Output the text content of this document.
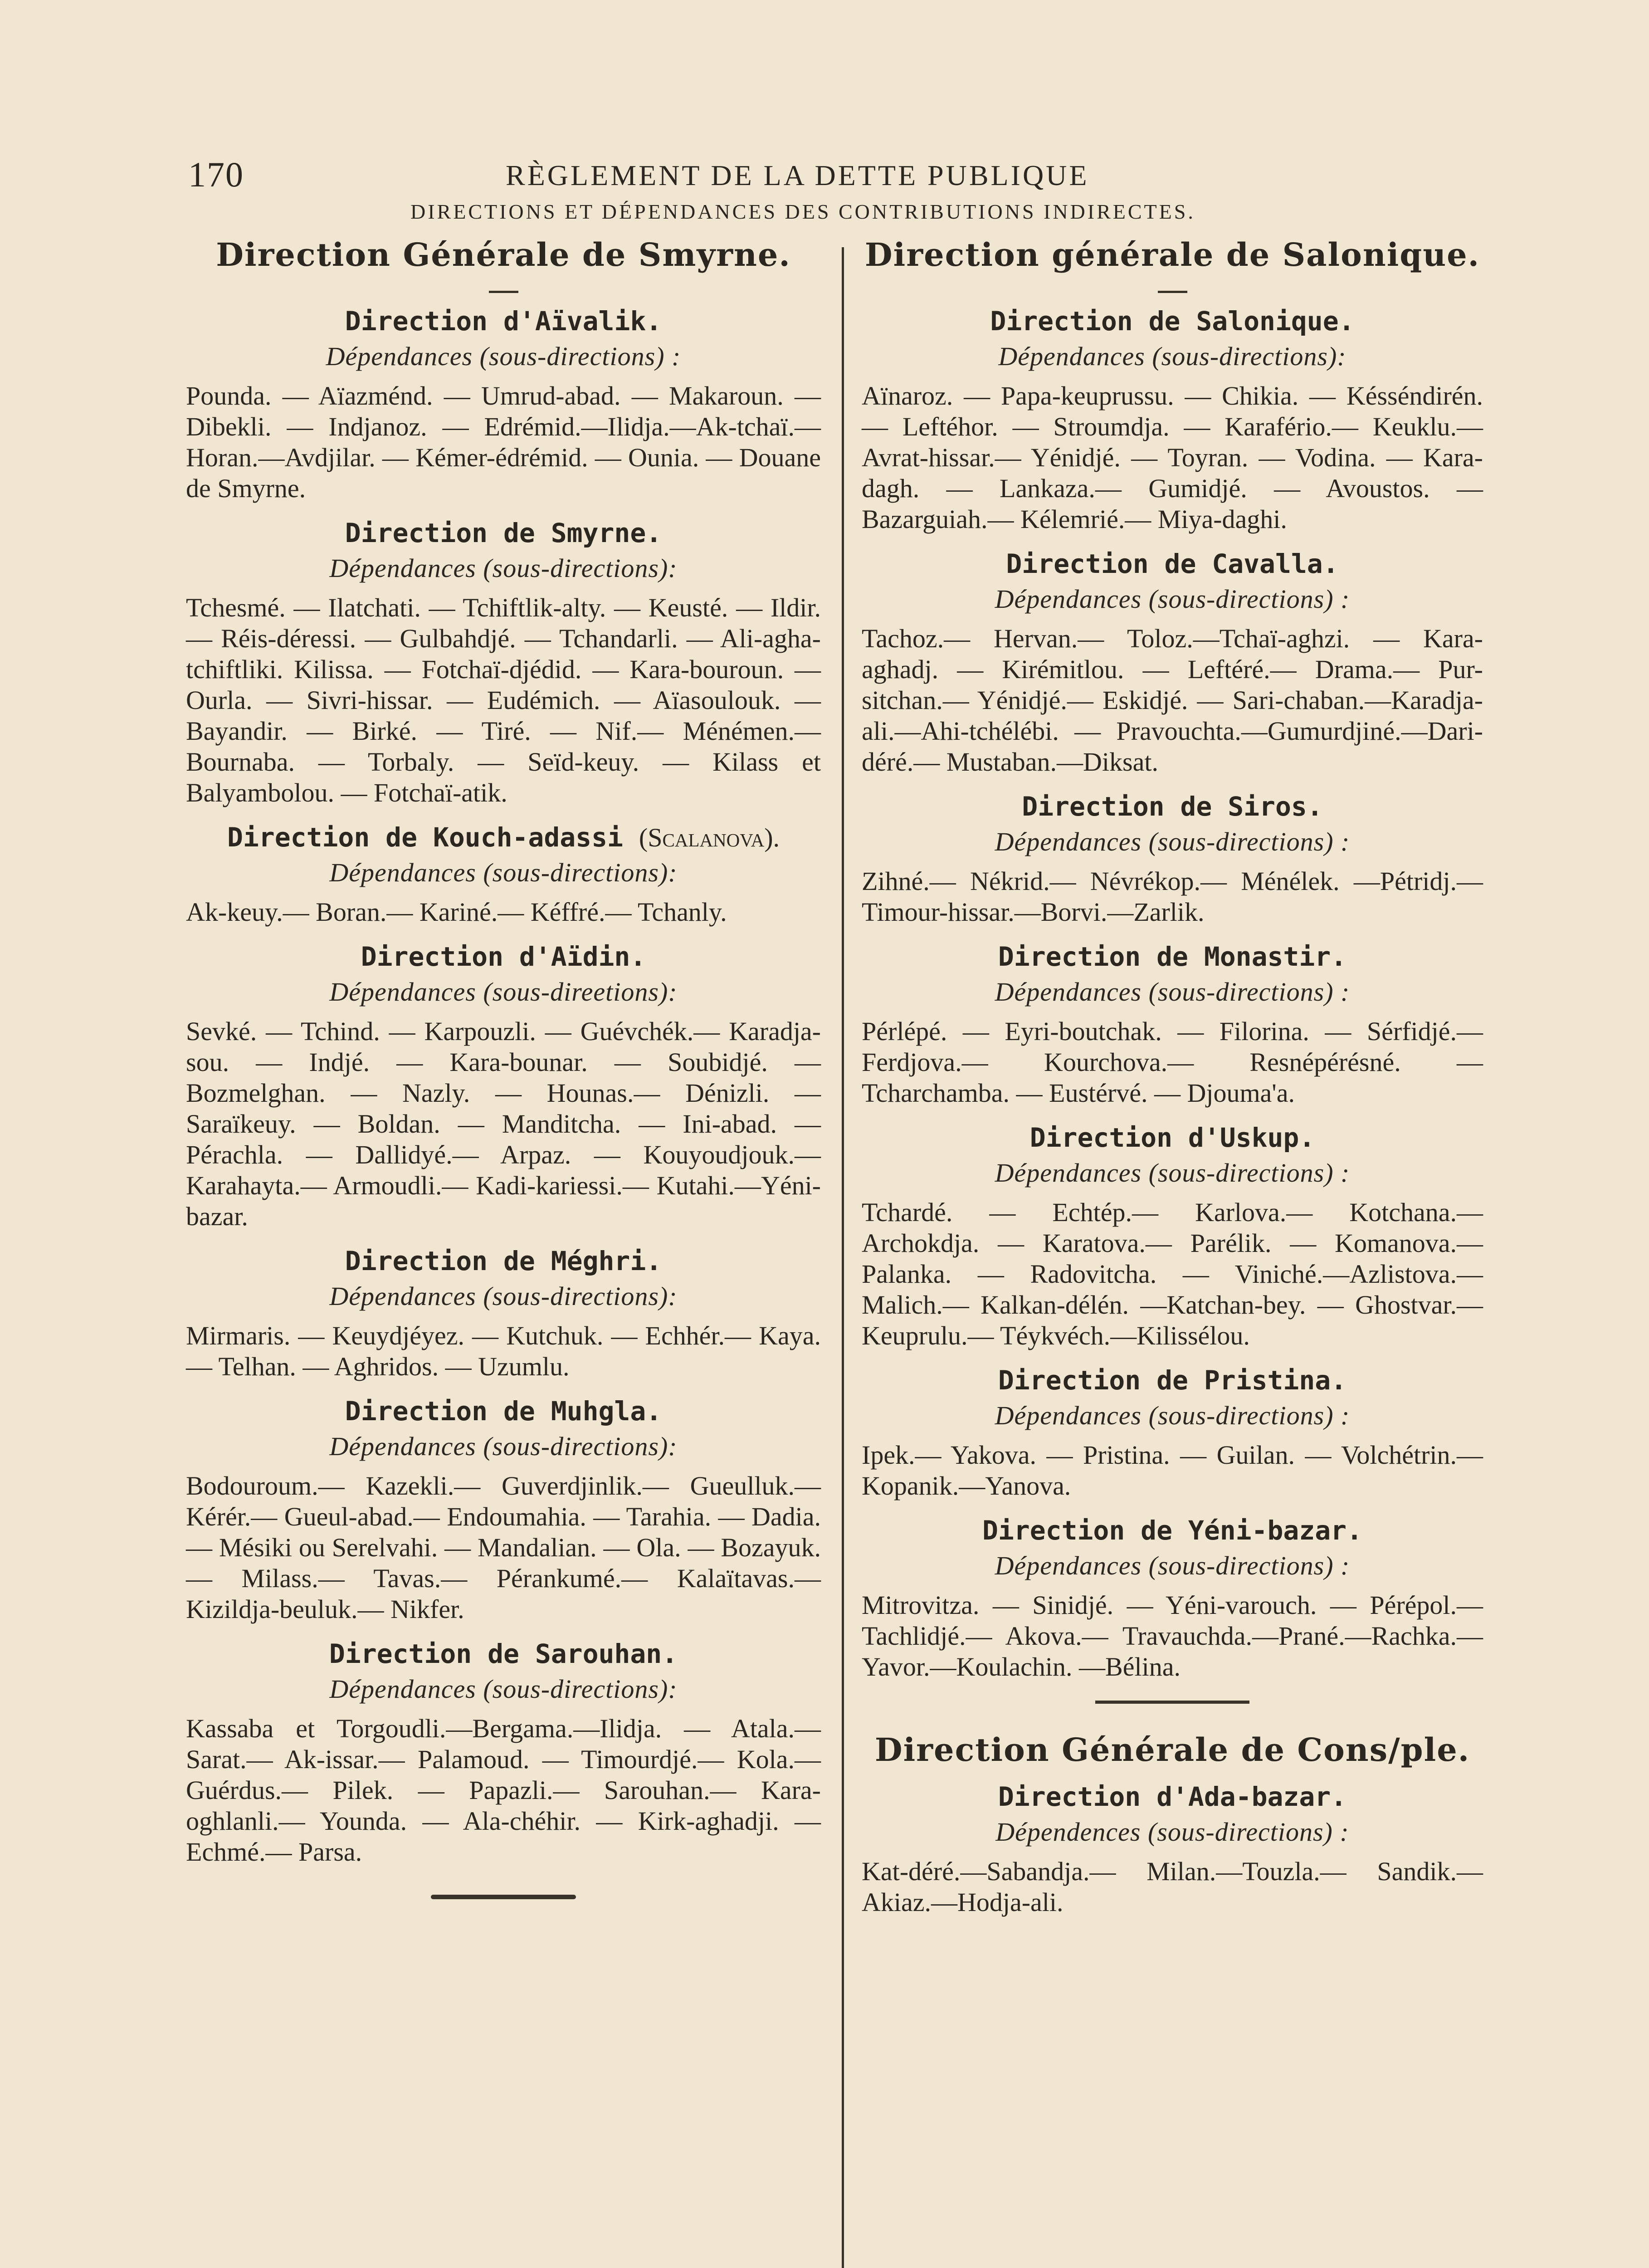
170	RÈGLEMENT DE LA DETTE PUBLIQUE
DIRECTIONS ET DÉPENDANCES DES CONTRIBUTIONS INDIRECTES.
Direction Générale de Smyrne.
Direction d'Aïvalik.
Dépendances (sous-directions) :

Pounda. — Aïazménd. — Umrud-abad. — Makaroun. — Dibekli. — Indjanoz. — Edrémid.—Ilidja.—Ak-tchaï.—Horan.—Avdjilar. — Kémer-édrémid. — Ounia. — Douane de Smyrne.

Direction de Smyrne.
Dépendances (sous-directions):

Tchesmé. — Ilatchati. — Tchiftlik-alty. — Keusté. — Ildir. — Réis-déressi. — Gulbahdjé. — Tchandarli. — Ali-agha-tchiftliki. Kilissa. — Fotchaï-djédid. — Kara-bouroun. — Ourla. — Sivri-hissar. — Eudémich. — Aïasoulouk. — Bayandir. — Birké. — Tiré. — Nif.— Ménémen.— Bournaba. — Torbaly. — Seïd-keuy. — Kilass et Balyambolou. — Fotchaï-atik.

Direction de Kouch-adassi (Scalanova).
Dépendances (sous-directions):

Ak-keuy.— Boran.— Kariné.— Kéffré.— Tchanly.

Direction d'Aïdin.
Dépendances (sous-direetions):

Sevké. — Tchind. — Karpouzli. — Guévchék.— Karadja-sou. — Indjé. — Kara-bounar. — Soubidjé. — Bozmelghan. — Nazly. — Hounas.— Dénizli. — Saraïkeuy. — Boldan. — Manditcha. — Ini-abad. — Pérachla. — Dallidyé.— Arpaz. — Kouyoudjouk.— Karahayta.— Armoudli.— Kadi-kariessi.— Kutahi.—Yéni-bazar.

Direction de Méghri.
Dépendances (sous-directions):

Mirmaris. — Keuydjéyez. — Kutchuk. — Echhér.— Kaya. — Telhan. — Aghridos. — Uzumlu.

Direction de Muhgla.
Dépendances (sous-directions):

Bodouroum.— Kazekli.— Guverdjinlik.— Gueulluk.— Kérér.— Gueul-abad.— Endoumahia. — Tarahia. — Dadia. — Mésiki ou Serelvahi. — Mandalian. — Ola. — Bozayuk. — Milass.— Tavas.— Pérankumé.— Kalaïtavas.— Kizildja-beuluk.— Nikfer.

Direction de Sarouhan.
Dépendances (sous-directions):

Kassaba et Torgoudli.—Bergama.—Ilidja. — Atala.— Sarat.— Ak-issar.— Palamoud. — Timourdjé.— Kola.— Guérdus.— Pilek. — Papazli.— Sarouhan.— Kara-oghlanli.— Younda. — Ala-chéhir. — Kirk-aghadji. — Echmé.— Parsa.

Direction générale de Salonique.
Direction de Salonique.
Dépendances (sous-directions):

Aïnaroz. — Papa-keuprussu. — Chikia. — Késséndirén. — Leftéhor. — Stroumdja. — Karafério.— Keuklu.— Avrat-hissar.— Yénidjé. — Toyran. — Vodina. — Kara-dagh. — Lankaza.— Gumidjé. — Avoustos. — Bazarguiah.— Kélemrié.— Miya-daghi.

Direction de Cavalla.
Dépendances (sous-directions) :

Tachoz.— Hervan.— Toloz.—Tchaï-aghzi. — Kara-aghadj. — Kirémitlou. — Leftéré.— Drama.— Pur-sitchan.— Yénidjé.— Eskidjé. — Sari-chaban.—Karadja-ali.—Ahi-tchélébi. — Pravouchta.—Gumurdjiné.—Dari-déré.— Mustaban.—Diksat.

Direction de Siros.
Dépendances (sous-directions) :

Zihné.— Nékrid.— Névrékop.— Ménélek. —Pétridj.—Timour-hissar.—Borvi.—Zarlik.

Direction de Monastir.
Dépendances (sous-directions) :

Pérlépé. — Eyri-boutchak. — Filorina. — Sérfidjé.— Ferdjova.— Kourchova.— Resnépérésné. — Tcharchamba. — Eustérvé. — Djouma'a.

Direction d'Uskup.
Dépendances (sous-directions) :

Tchardé. — Echtép.— Karlova.— Kotchana.— Archokdja. — Karatova.— Parélik. — Komanova.— Palanka. — Radovitcha. — Viniché.—Azlistova.—Malich.— Kalkan-délén. —Katchan-bey. — Ghostvar.— Keuprulu.— Téykvéch.—Kilissélou.

Direction de Pristina.
Dépendances (sous-directions) :

Ipek.— Yakova. — Pristina. — Guilan. — Volchétrin.—Kopanik.—Yanova.

Direction de Yéni-bazar.
Dépendances (sous-directions) :

Mitrovitza. — Sinidjé. — Yéni-varouch. — Pérépol.— Tachlidjé.— Akova.— Travauchda.—Prané.—Rachka.—Yavor.—Koulachin. —Bélina.

Direction Générale de Cons/ple.
Direction d'Ada-bazar.
Dépendences (sous-directions) :

Kat-déré.—Sabandja.— Milan.—Touzla.— Sandik.—Akiaz.—Hodja-ali.
